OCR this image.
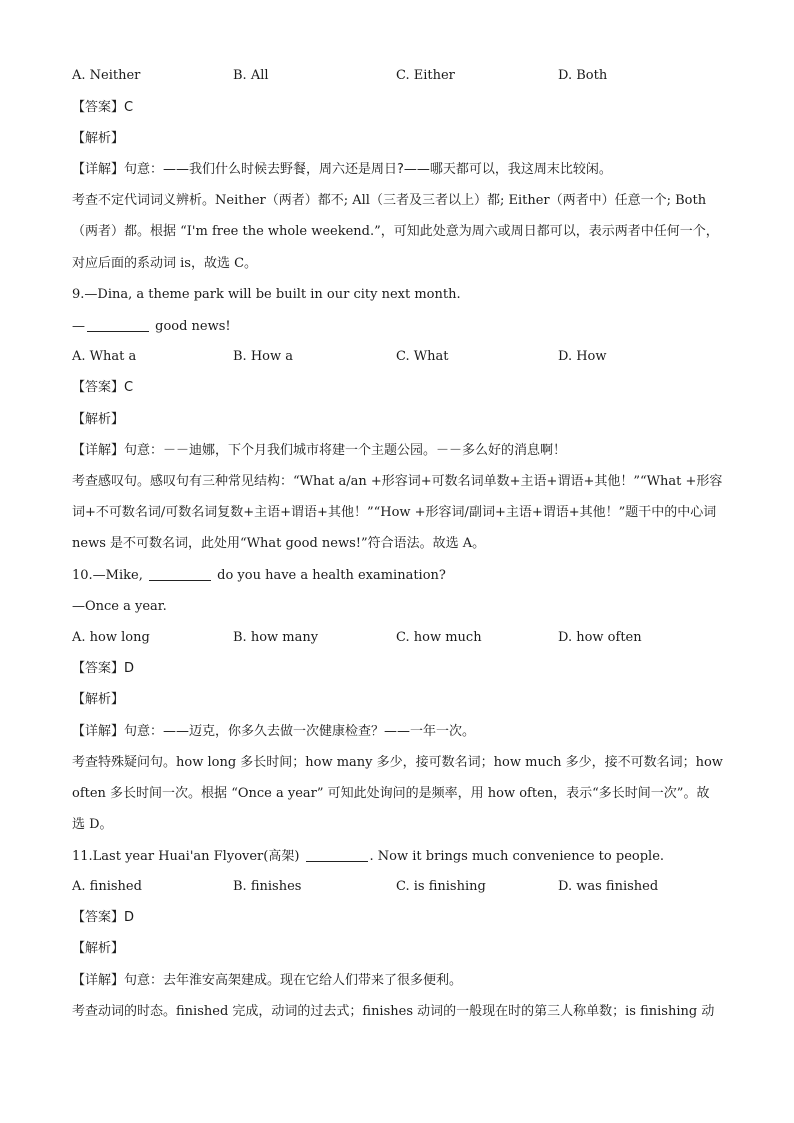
A. Neither	B. All	C. Either	D. Both
【答案】C
【解析】
【详解】句意：——我们什么时候去野餐，周六还是周日?——哪天都可以，我这周末比较闲。
考查不定代词词义辨析。Neither（两者）都不; All（三者及三者以上）都; Either（两者中）任意一个; Both
（两者）都。根据 “I'm free the whole weekend.”，可知此处意为周六或周日都可以，表示两者中任何一个，
对应后面的系动词 is，故选 C。
9.—Dina, a theme park will be built in our city next month.
—	good news!
A. What a	B. How a	C. What	D. How
【答案】C
【解析】
【详解】句意：－－迪娜，下个月我们城市将建一个主题公园。－－多么好的消息啊！
考查感叹句。感叹句有三种常见结构：“What a/an +形容词+可数名词单数+主语+谓语+其他！”“What +形容
词+不可数名词/可数名词复数+主语+谓语+其他！”“How +形容词/副词+主语+谓语+其他！”题干中的中心词
news 是不可数名词，此处用“What good news!”符合语法。故选 A。
10.—Mike,	do you have a health examination?
—Once a year.
A. how long	B. how many	C. how much	D. how often
【答案】D
【解析】
【详解】句意：——迈克，你多久去做一次健康检查？——一年一次。
考查特殊疑问句。how long 多长时间；how many 多少，接可数名词；how much 多少，接不可数名词；how
often 多长时间一次。根据 “Once a year” 可知此处询问的是频率，用 how often，表示“多长时间一次”。故
选 D。
11.Last year Huai'an Flyover(高架)	. Now it brings much convenience to people.
A. finished	B. finishes	C. is finishing	D. was finished
【答案】D
【解析】
【详解】句意：去年淮安高架建成。现在它给人们带来了很多便利。
考查动词的时态。finished 完成，动词的过去式；finishes 动词的一般现在时的第三人称单数；is finishing 动
